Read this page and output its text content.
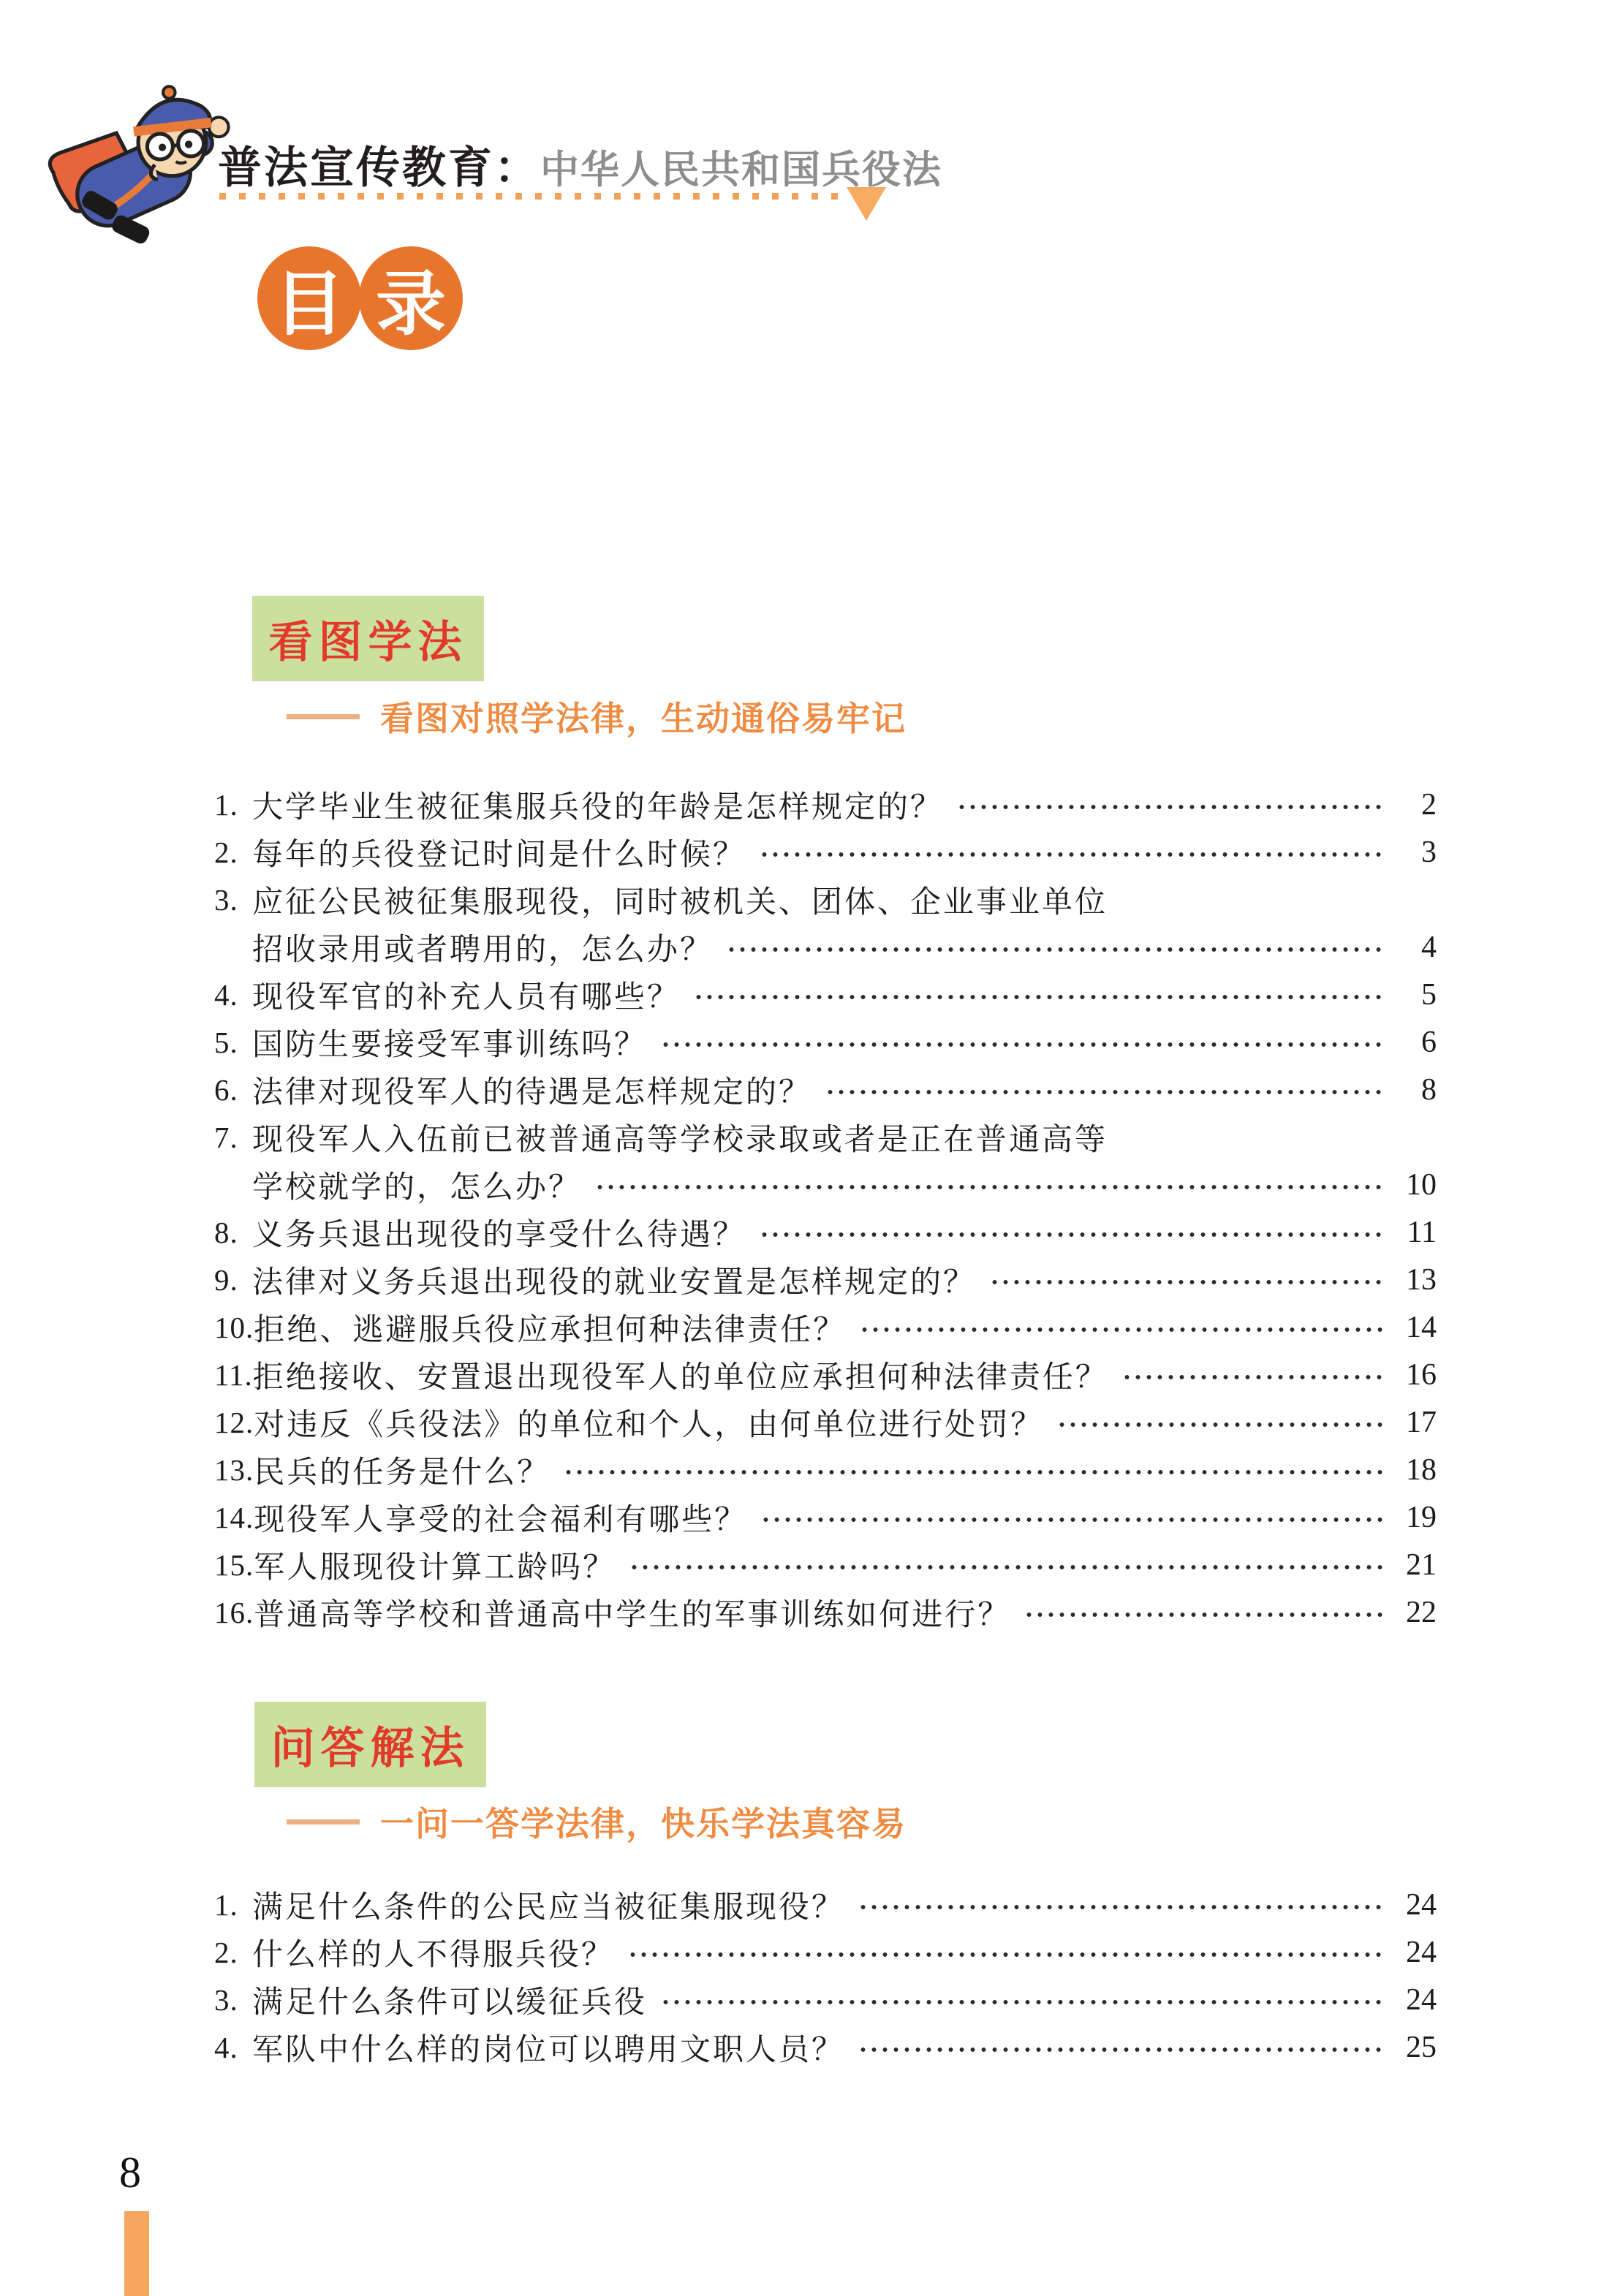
普法宣传教育： 中华人民共和国兵役法
目 录
看图学法
看图对照学法律，生动通俗易牢记
1. 大学毕业生被征集服兵役的年龄是怎样规定的？	2
2. 每年的兵役登记时间是什么时候？	3
3. 应征公民被征集服现役，同时被机关、团体、企业事业单位
招收录用或者聘用的，怎么办？	4
4. 现役军官的补充人员有哪些？	5
5. 国防生要接受军事训练吗？	6
6. 法律对现役军人的待遇是怎样规定的？	8
7. 现役军人入伍前已被普通高等学校录取或者是正在普通高等
学校就学的，怎么办？	10
8. 义务兵退出现役的享受什么待遇？	11
9. 法律对义务兵退出现役的就业安置是怎样规定的？	13
10. 拒绝、逃避服兵役应承担何种法律责任？	14
11. 拒绝接收、安置退出现役军人的单位应承担何种法律责任？	16
12. 对违反《兵役法》的单位和个人，由何单位进行处罚？	17
13. 民兵的任务是什么？	18
14. 现役军人享受的社会福利有哪些？	19
15. 军人服现役计算工龄吗？	21
16. 普通高等学校和普通高中学生的军事训练如何进行？	22
问答解法
一问一答学法律，快乐学法真容易
1. 满足什么条件的公民应当被征集服现役？	24
2. 什么样的人不得服兵役？	24
3. 满足什么条件可以缓征兵役	24
4. 军队中什么样的岗位可以聘用文职人员？	25
8
